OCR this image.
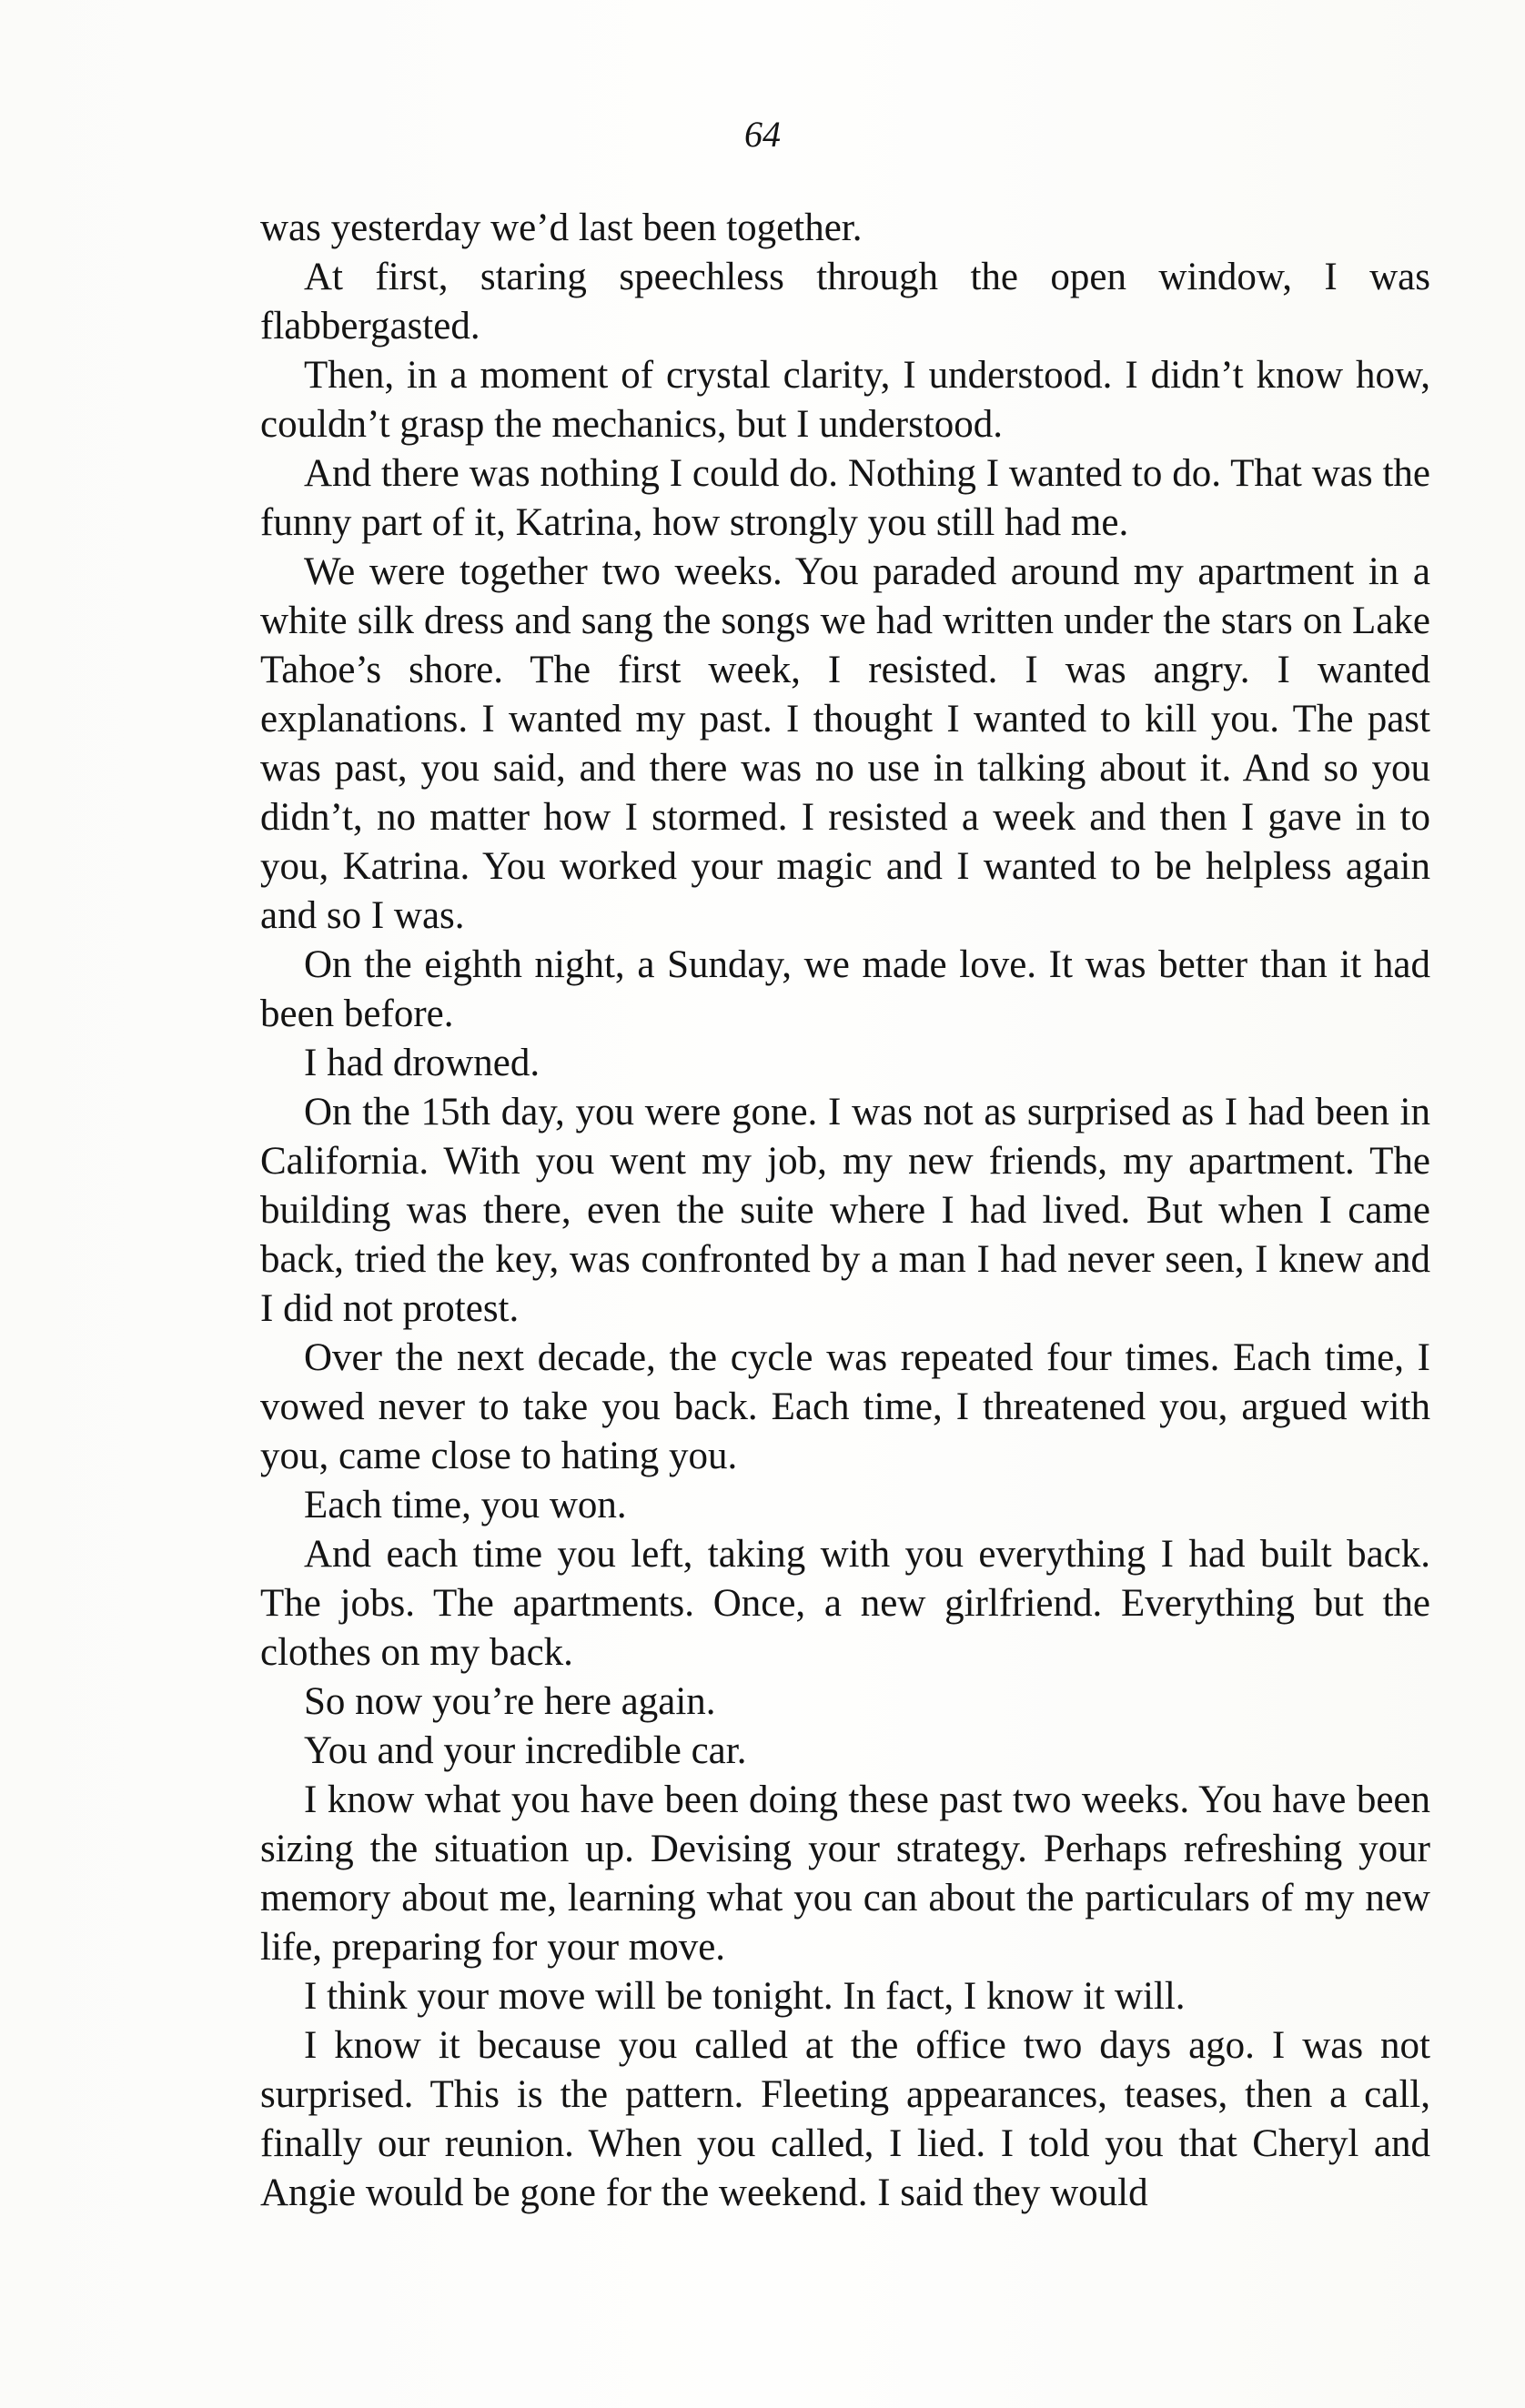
64

was yesterday we’d last been together.

At first, staring speechless through the open window, I was flabbergasted.

Then, in a moment of crystal clarity, I understood. I didn’t know how, couldn’t grasp the mechanics, but I understood.

And there was nothing I could do. Nothing I wanted to do. That was the funny part of it, Katrina, how strongly you still had me.

We were together two weeks. You paraded around my apartment in a white silk dress and sang the songs we had written under the stars on Lake Tahoe’s shore. The first week, I resisted. I was angry. I wanted explanations. I wanted my past. I thought I wanted to kill you. The past was past, you said, and there was no use in talking about it. And so you didn’t, no matter how I stormed. I resisted a week and then I gave in to you, Katrina. You worked your magic and I wanted to be helpless again and so I was.

On the eighth night, a Sunday, we made love. It was better than it had been before.

I had drowned.

On the 15th day, you were gone. I was not as surprised as I had been in California. With you went my job, my new friends, my apartment. The building was there, even the suite where I had lived. But when I came back, tried the key, was confronted by a man I had never seen, I knew and I did not protest.

Over the next decade, the cycle was repeated four times. Each time, I vowed never to take you back. Each time, I threatened you, argued with you, came close to hating you.

Each time, you won.

And each time you left, taking with you everything I had built back. The jobs. The apartments. Once, a new girlfriend. Everything but the clothes on my back.

So now you’re here again.

You and your incredible car.

I know what you have been doing these past two weeks. You have been sizing the situation up. Devising your strategy. Perhaps refreshing your memory about me, learning what you can about the particulars of my new life, preparing for your move.

I think your move will be tonight. In fact, I know it will.

I know it because you called at the office two days ago. I was not surprised. This is the pattern. Fleeting appearances, teases, then a call, finally our reunion. When you called, I lied. I told you that Cheryl and Angie would be gone for the weekend. I said they would
